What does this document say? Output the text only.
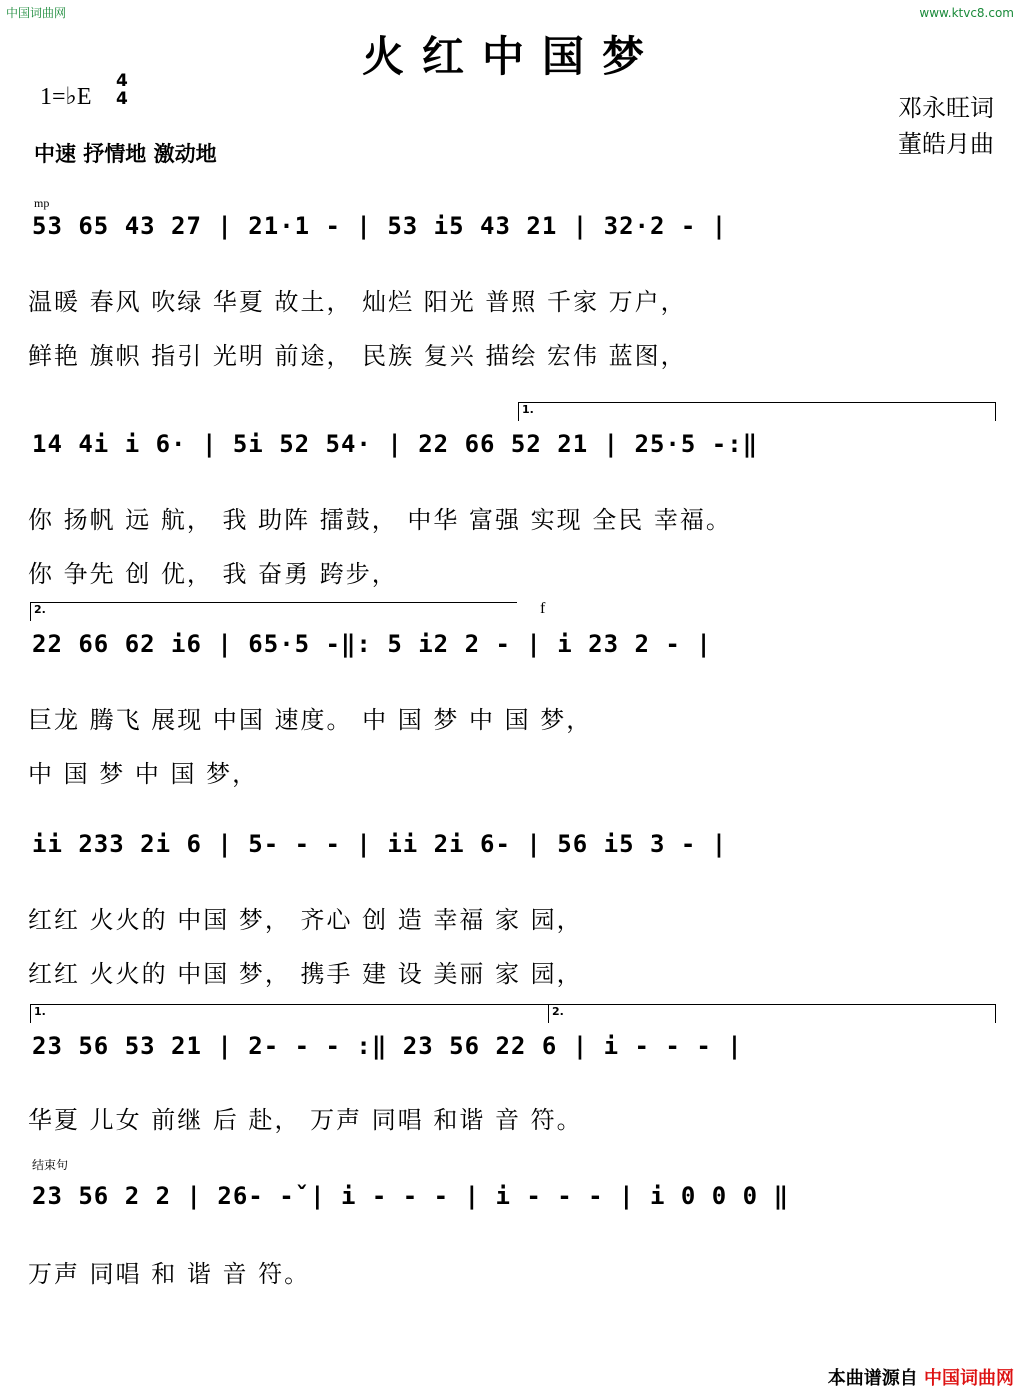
中国词曲网	www.ktvc8.com
火红中国梦
1=♭E
4
4
中速 抒情地 激动地
邓永旺词
董皓月曲
mp
53 65 43 27 | 21·1 - | 53 i5 43 21 | 32·2 - |
温暖 春风 吹绿 华夏 故土， 灿烂 阳光 普照 千家 万户，
鲜艳 旗帜 指引 光明 前途， 民族 复兴 描绘 宏伟 蓝图，
1.
14 4i i 6· | 5i 52 54· | 22 66 52 21 | 25·5 -:‖
你 扬帆 远 航， 我 助阵 擂鼓， 中华 富强 实现 全民 幸福。
你 争先 创 优， 我 奋勇 跨步，
2.	f
22 66 62 i6 | 65·5 -‖: 5 i2 2 - | i 23 2 - |
巨龙 腾飞 展现 中国 速度。 中 国 梦 中 国 梦，
中 国 梦 中 国 梦，
ii 233 2i 6 | 5- - - | ii 2i 6- | 56 i5 3 - |
红红 火火的 中国 梦， 齐心 创 造 幸福 家 园，
红红 火火的 中国 梦， 携手 建 设 美丽 家 园，
1.	2.
23 56 53 21 | 2- - - :‖ 23 56 22 6 | i - - - |
华夏 儿女 前继 后 赴， 万声 同唱 和谐 音 符。
结束句
23 56 2 2 | 26- -ˇ| i - - - | i - - - | i 0 0 0 ‖
万声 同唱 和 谐 音 符。
本曲谱源自 中国词曲网
